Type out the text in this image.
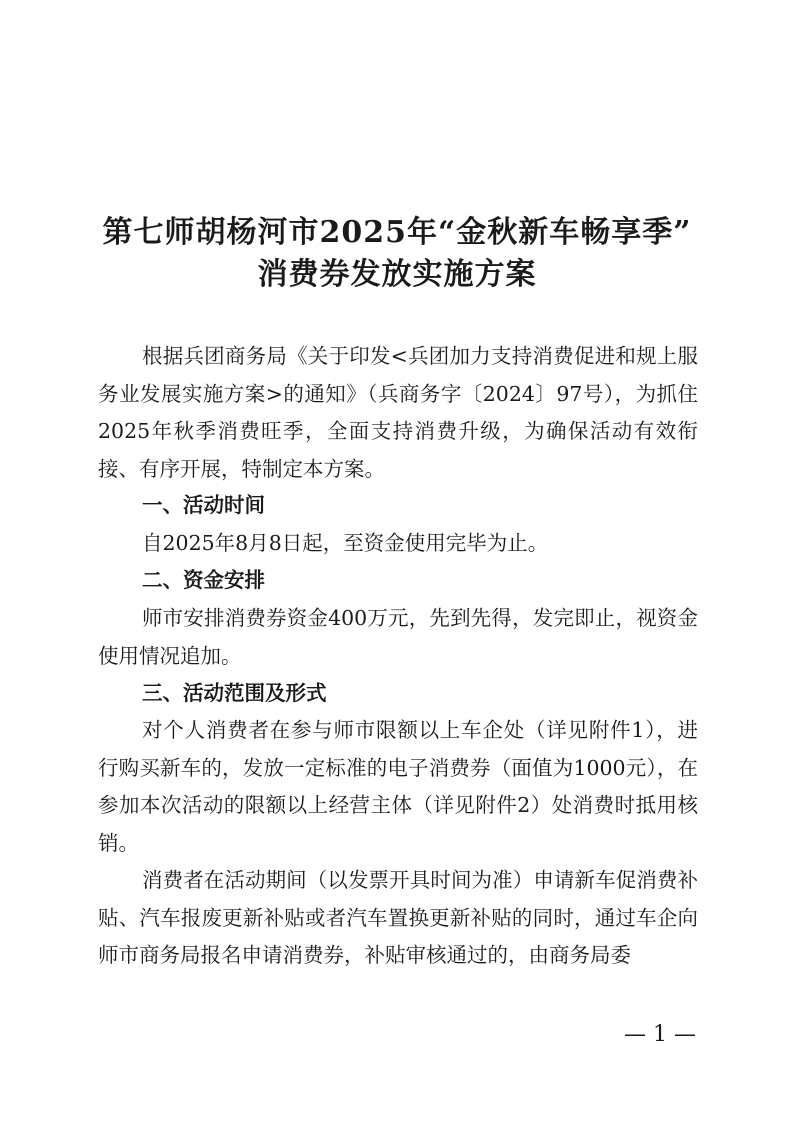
第七师胡杨河市2025年“金秋新车畅享季”
消费券发放实施方案
根据兵团商务局《关于印发<兵团加力支持消费促进和规上服务业发展实施方案>的通知》（兵商务字〔2024〕97号），为抓住2025年秋季消费旺季，全面支持消费升级，为确保活动有效衔接、有序开展，特制定本方案。
一、活动时间
自2025年8月8日起，至资金使用完毕为止。
二、资金安排
师市安排消费券资金400万元，先到先得，发完即止，视资金使用情况追加。
三、活动范围及形式
对个人消费者在参与师市限额以上车企处（详见附件1），进行购买新车的，发放一定标准的电子消费券（面值为1000元），在参加本次活动的限额以上经营主体（详见附件2）处消费时抵用核销。
消费者在活动期间（以发票开具时间为准）申请新车促消费补贴、汽车报废更新补贴或者汽车置换更新补贴的同时，通过车企向师市商务局报名申请消费券，补贴审核通过的，由商务局委
— 1 —
